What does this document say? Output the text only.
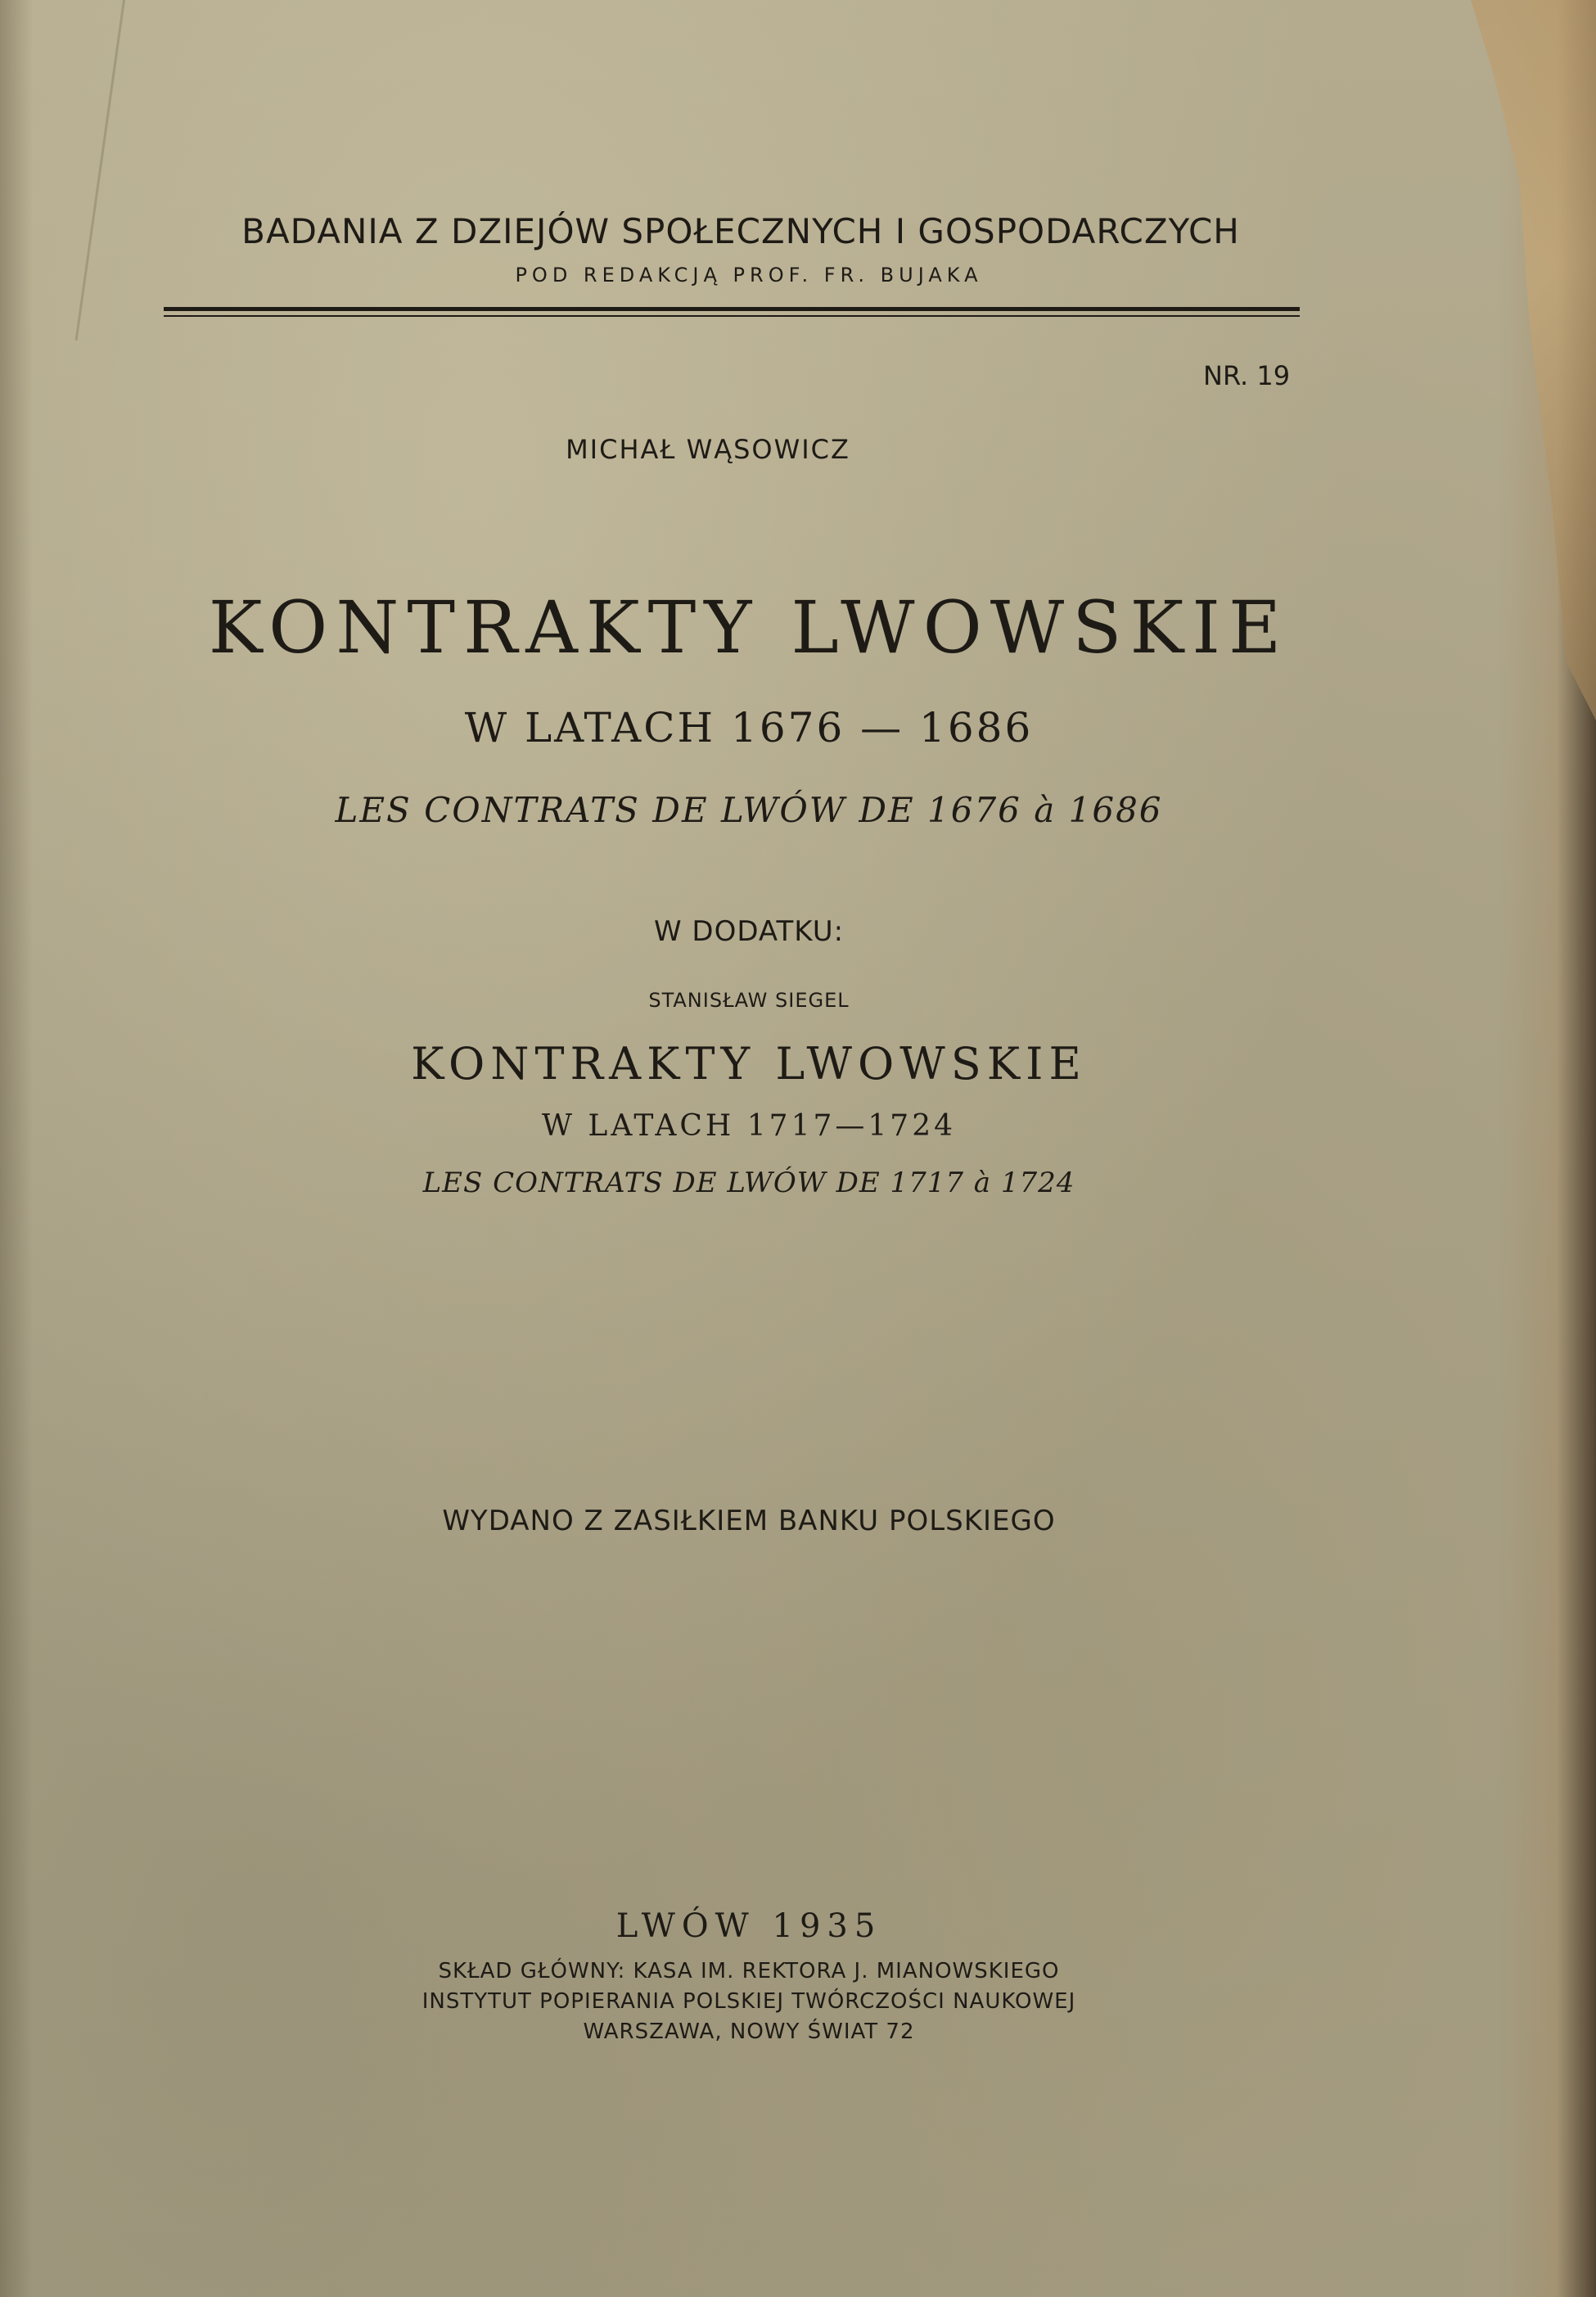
BADANIA Z DZIEJÓW SPOŁECZNYCH I GOSPODARCZYCH
POD REDAKCJĄ PROF. FR. BUJAKA
NR. 19
MICHAŁ WĄSOWICZ
KONTRAKTY LWOWSKIE
W LATACH 1676 — 1686
LES CONTRATS DE LWÓW DE 1676 à 1686
W DODATKU:
STANISŁAW SIEGEL
KONTRAKTY LWOWSKIE
W LATACH 1717—1724
LES CONTRATS DE LWÓW DE 1717 à 1724
WYDANO Z ZASIŁKIEM BANKU POLSKIEGO
LWÓW 1935
SKŁAD GŁÓWNY: KASA IM. REKTORA J. MIANOWSKIEGO
INSTYTUT POPIERANIA POLSKIEJ TWÓRCZOŚCI NAUKOWEJ
WARSZAWA, NOWY ŚWIAT 72
